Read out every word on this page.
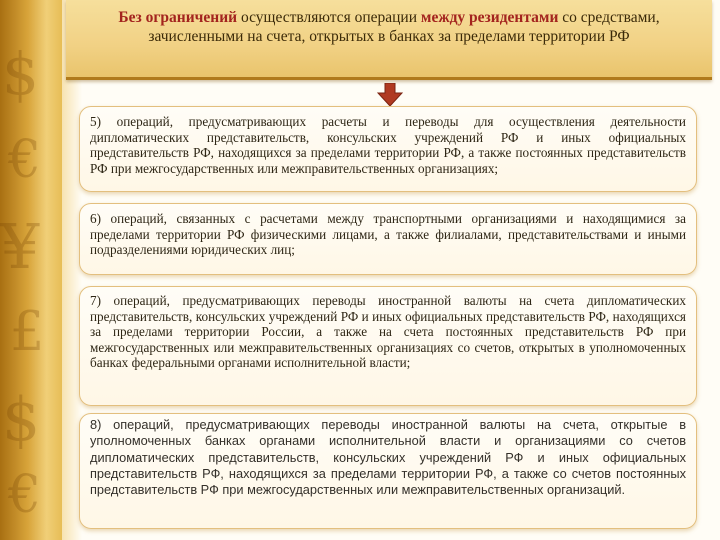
$
€
¥
£
$
€
Без ограничений осуществляются операции между резидентами со средствами, зачисленными на счета, открытых в банках за пределами территории РФ
5) операций, предусматривающих расчеты и переводы для осуществления деятельности дипломатических представительств, консульских учреждений РФ и иных официальных представительств РФ, находящихся за пределами территории РФ, а также постоянных представительств РФ при межгосударственных или межправительственных организациях;
6) операций, связанных с расчетами между транспортными организациями и находящимися за пределами территории РФ физическими лицами, а также филиалами, представительствами и иными подразделениями юридических лиц;
7) операций, предусматривающих переводы иностранной валюты на счета дипломатических представительств, консульских учреждений РФ и иных официальных представительств РФ, находящихся за пределами территории России, а также на счета постоянных представительств РФ при межгосударственных или межправительственных организациях со счетов, открытых в уполномоченных банках федеральными органами исполнительной власти;
8) операций, предусматривающих переводы иностранной валюты на счета, открытые в уполномоченных банках органами исполнительной власти и организациями со счетов дипломатических представительств, консульских учреждений РФ и иных официальных представительств РФ, находящихся за пределами территории РФ, а также со счетов постоянных представительств РФ при межгосударственных или межправительственных организаций.
